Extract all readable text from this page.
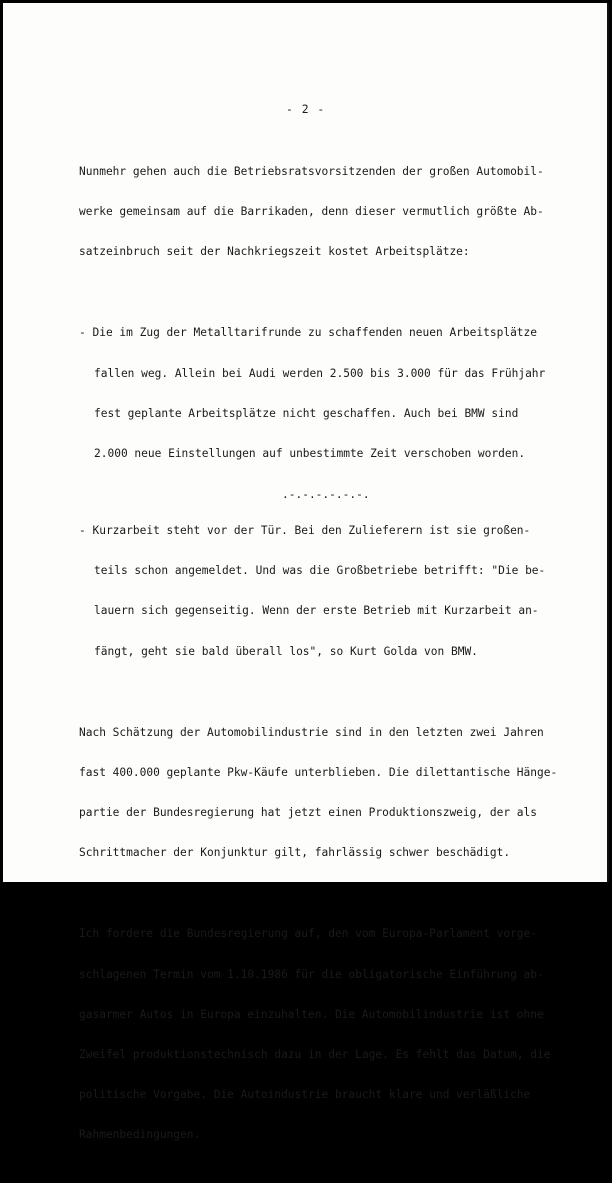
- 2 -

Nunmehr gehen auch die Betriebsratsvorsitzenden der großen Automobil-

werke gemeinsam auf die Barrikaden, denn dieser vermutlich größte Ab-

satzeinbruch seit der Nachkriegszeit kostet Arbeitsplätze:

- Die im Zug der Metalltarifrunde zu schaffenden neuen Arbeitsplätze

fallen weg. Allein bei Audi werden 2.500 bis 3.000 für das Frühjahr

fest geplante Arbeitsplätze nicht geschaffen. Auch bei BMW sind

2.000 neue Einstellungen auf unbestimmte Zeit verschoben worden.

- Kurzarbeit steht vor der Tür. Bei den Zulieferern ist sie großen-

teils schon angemeldet. Und was die Großbetriebe betrifft: "Die be-

lauern sich gegenseitig. Wenn der erste Betrieb mit Kurzarbeit an-

fängt, geht sie bald überall los", so Kurt Golda von BMW.

Nach Schätzung der Automobilindustrie sind in den letzten zwei Jahren

fast 400.000 geplante Pkw-Käufe unterblieben. Die dilettantische Hänge-

partie der Bundesregierung hat jetzt einen Produktionszweig, der als

Schrittmacher der Konjunktur gilt, fahrlässig schwer beschädigt.

Ich fordere die Bundesregierung auf, den vom Europa-Parlament vorge-

schlagenen Termin vom 1.10.1986 für die obligatorische Einführung ab-

gasarmer Autos in Europa einzuhalten. Die Automobilindustrie ist ohne

Zweifel produktionstechnisch dazu in der Lage. Es fehlt das Datum, die

politische Vorgabe. Die Autoindustrie braucht klare und verläßliche

Rahmenbedingungen.

.-.-.-.-.-.-.
